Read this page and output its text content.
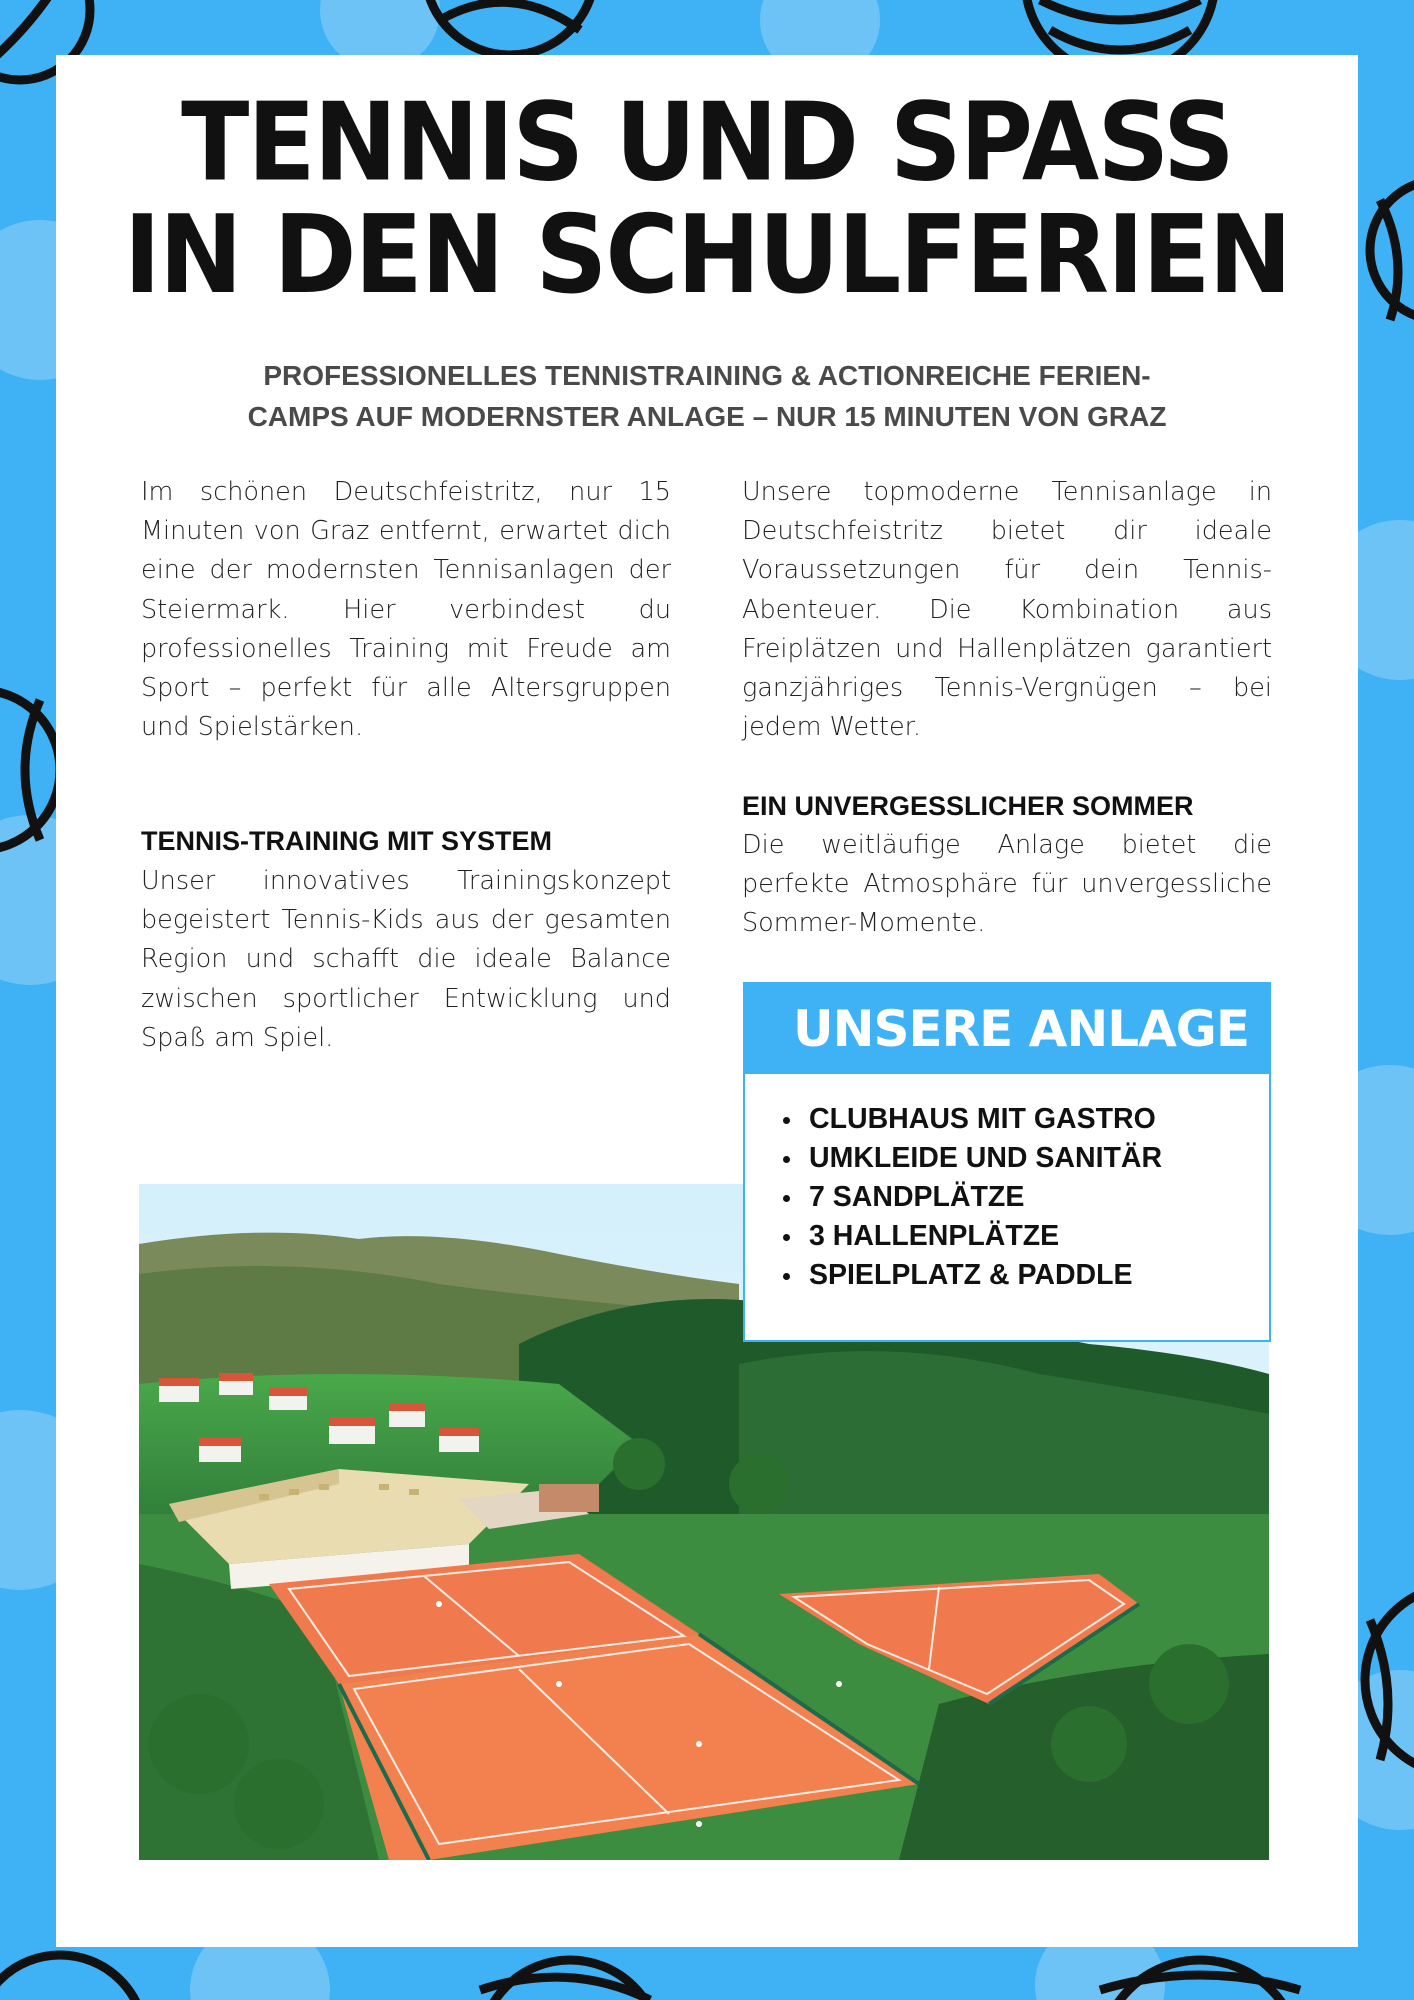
TENNIS UND SPASS
IN DEN SCHULFERIEN

PROFESSIONELLES TENNISTRAINING & ACTIONREICHE FERIEN-
CAMPS AUF MODERNSTER ANLAGE – NUR 15 MINUTEN VON GRAZ

Im schönen Deutschfeistritz, nur 15 Minuten von Graz entfernt, erwartet dich eine der modernsten Tennisanlagen der Steiermark. Hier verbindest du professionelles Training mit Freude am Sport – perfekt für alle Altersgruppen und Spielstärken.

TENNIS-TRAINING MIT SYSTEM

Unser innovatives Trainingskonzept begeistert Tennis-Kids aus der gesamten Region und schafft die ideale Balance zwischen sportlicher Entwicklung und Spaß am Spiel.

Unsere topmoderne Tennisanlage in Deutschfeistritz bietet dir ideale Voraussetzungen für dein Tennis-Abenteuer. Die Kombination aus Freiplätzen und Hallenplätzen garantiert ganzjähriges Tennis-Vergnügen – bei jedem Wetter.

EIN UNVERGESSLICHER SOMMER

Die weitläufige Anlage bietet die perfekte Atmosphäre für unvergessliche Sommer-Momente.

UNSERE ANLAGE
CLUBHAUS MIT GASTRO
UMKLEIDE UND SANITÄR
7 SANDPLÄTZE
3 HALLENPLÄTZE
SPIELPLATZ & PADDLE
